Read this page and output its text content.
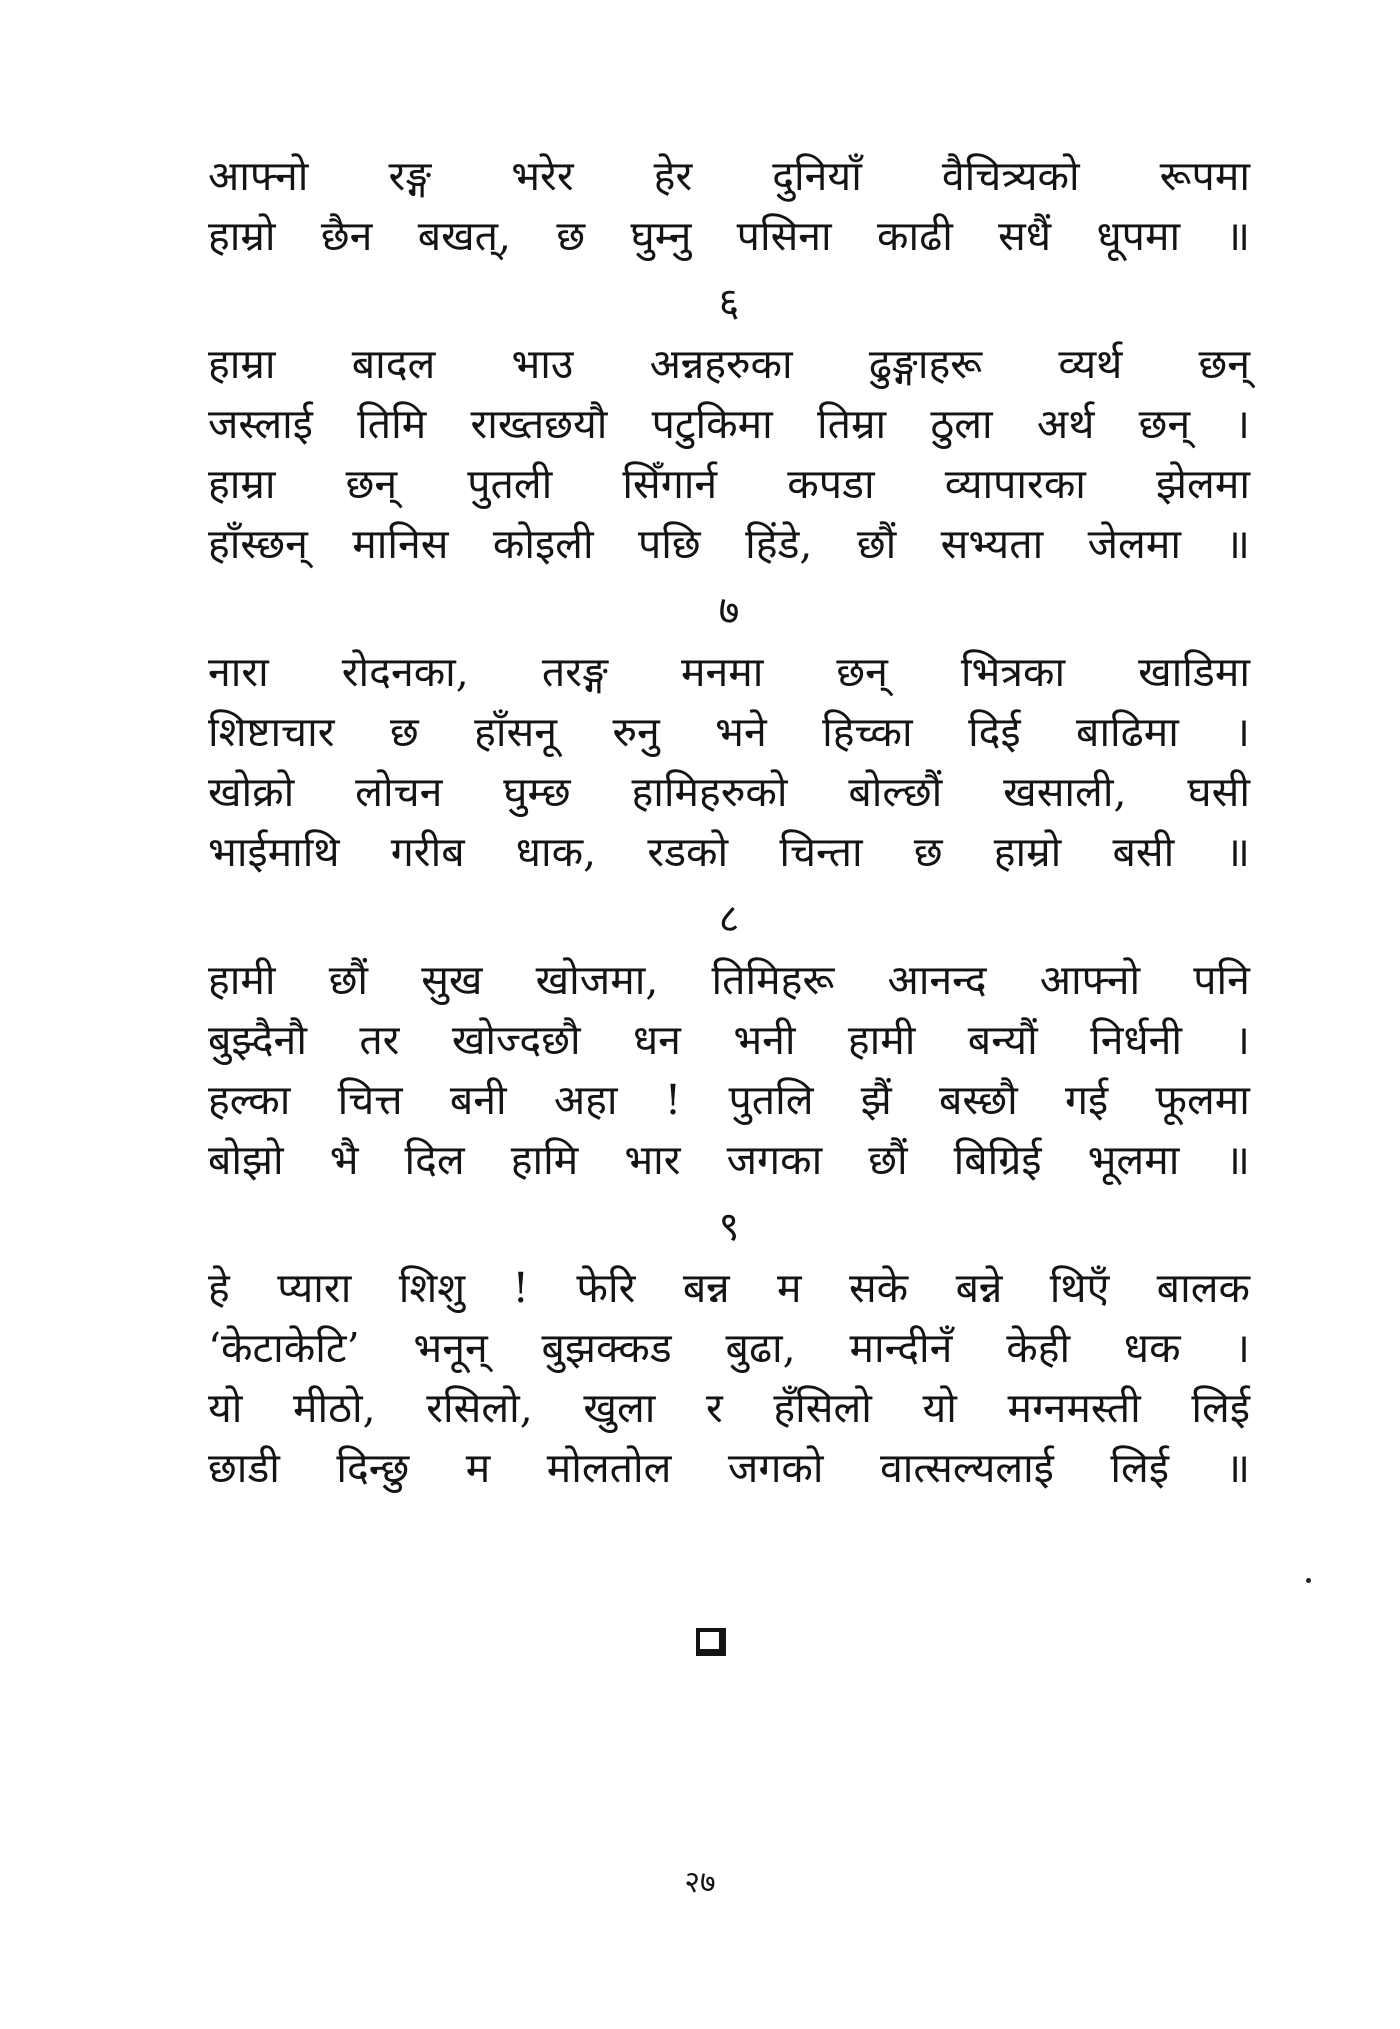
आफ्नो रङ्ग भरेर हेर दुनियाँ वैचित्र्यको रूपमा
हाम्रो छैन बखत्, छ घुम्नु पसिना काढी सधैं धूपमा ॥
६
हाम्रा बादल भाउ अन्नहरुका ढुङ्गाहरू व्यर्थ छन्
जस्लाई तिमि राख्तछयौ पटुकिमा तिम्रा ठुला अर्थ छन् ।
हाम्रा छन् पुतली सिँगार्न कपडा व्यापारका झेलमा
हाँस्छन् मानिस कोइली पछि हिंडे, छौं सभ्यता जेलमा ॥
७
नारा रोदनका, तरङ्ग मनमा छन् भित्रका खाडिमा
शिष्टाचार छ हाँसनू रुनु भने हिच्का दिई बाढिमा ।
खोक्रो लोचन घुम्छ हामिहरुको बोल्छौं खसाली, घसी
भाईमाथि गरीब धाक, रडको चिन्ता छ हाम्रो बसी ॥
८
हामी छौं सुख खोजमा, तिमिहरू आनन्द आफ्नो पनि
बुझ्दैनौ तर खोज्दछौ धन भनी हामी बन्यौं निर्धनी ।
हल्का चित्त बनी अहा ! पुतलि झैं बस्छौ गई फूलमा
बोझो भै दिल हामि भार जगका छौं बिग्रिई भूलमा ॥
९
हे प्यारा शिशु ! फेरि बन्न म सके बन्ने थिएँ बालक
‘केटाकेटि’ भनून् बुझक्कड बुढा, मान्दीनँ केही धक ।
यो मीठो, रसिलो, खुला र हँसिलो यो मग्नमस्ती लिई
छाडी दिन्छु म मोलतोल जगको वात्सल्यलाई लिई ॥
२७
